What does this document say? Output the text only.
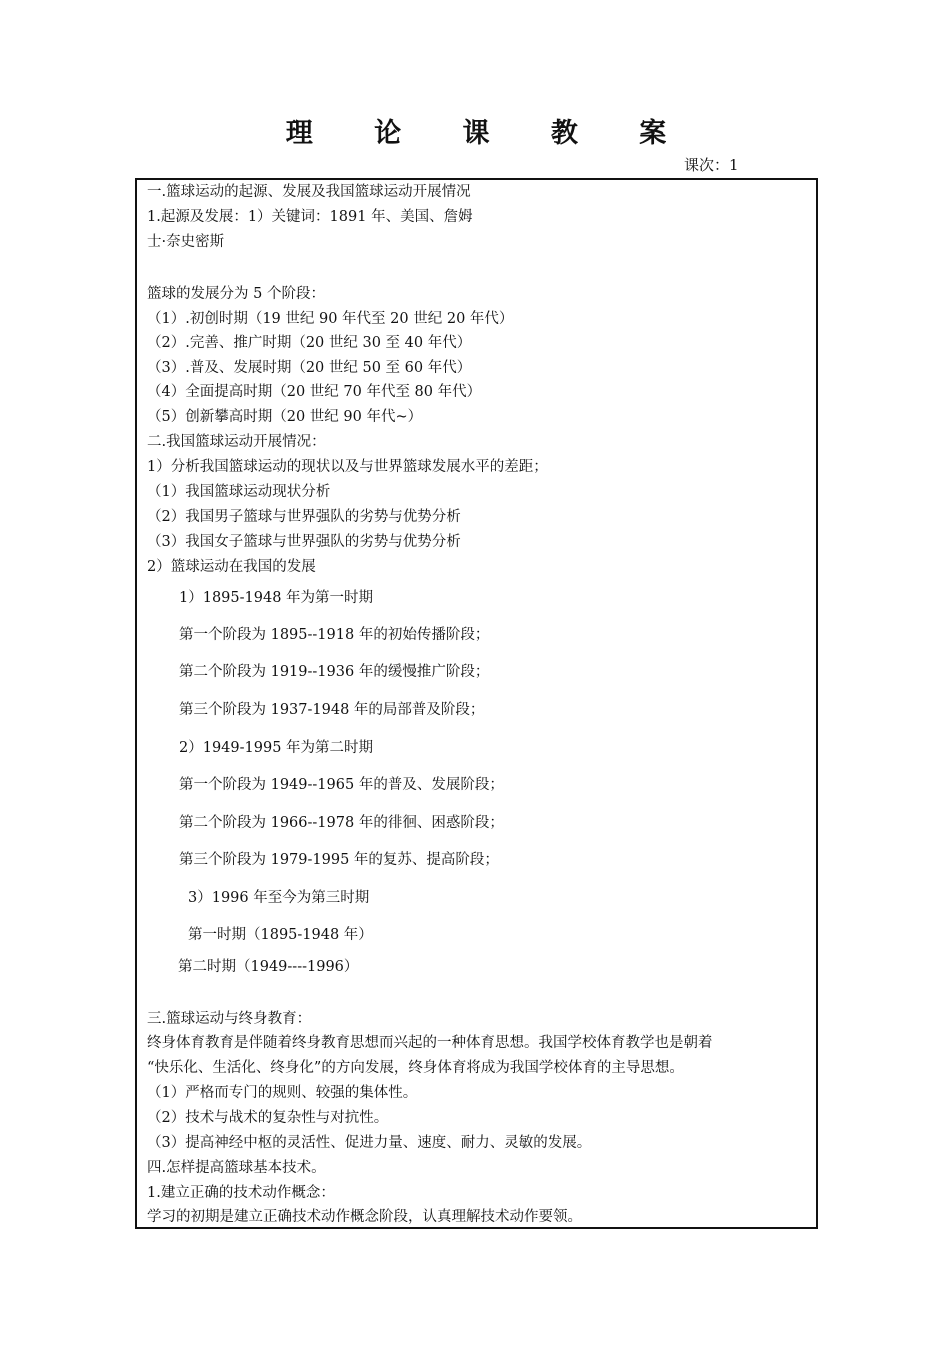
理 论 课 教 案
课次：1
一.篮球运动的起源、发展及我国篮球运动开展情况
1.起源及发展：1）关键词：1891 年、美国、詹姆
士·奈史密斯
篮球的发展分为 5 个阶段：
（1）.初创时期（19 世纪 90 年代至 20 世纪 20 年代）
（2）.完善、推广时期（20 世纪 30 至 40 年代）
（3）.普及、发展时期（20 世纪 50 至 60 年代）
（4）全面提高时期（20 世纪 70 年代至 80 年代）
（5）创新攀高时期（20 世纪 90 年代~）
二.我国篮球运动开展情况：
1）分析我国篮球运动的现状以及与世界篮球发展水平的差距；
（1）我国篮球运动现状分析
（2）我国男子篮球与世界强队的劣势与优势分析
（3）我国女子篮球与世界强队的劣势与优势分析
2）篮球运动在我国的发展
1）1895-1948 年为第一时期
第一个阶段为 1895--1918 年的初始传播阶段；
第二个阶段为 1919--1936 年的缓慢推广阶段；
第三个阶段为 1937-1948 年的局部普及阶段；
2）1949-1995 年为第二时期
第一个阶段为 1949--1965 年的普及、发展阶段；
第二个阶段为 1966--1978 年的徘徊、困惑阶段；
第三个阶段为 1979-1995 年的复苏、提高阶段；
3）1996 年至今为第三时期
第一时期（1895-1948 年）
第二时期（1949----1996）
三.篮球运动与终身教育：
终身体育教育是伴随着终身教育思想而兴起的一种体育思想。我国学校体育教学也是朝着
“快乐化、生活化、终身化”的方向发展，终身体育将成为我国学校体育的主导思想。
（1）严格而专门的规则、较强的集体性。
（2）技术与战术的复杂性与对抗性。
（3）提高神经中枢的灵活性、促进力量、速度、耐力、灵敏的发展。
四.怎样提高篮球基本技术。
1.建立正确的技术动作概念：
学习的初期是建立正确技术动作概念阶段，认真理解技术动作要领。
